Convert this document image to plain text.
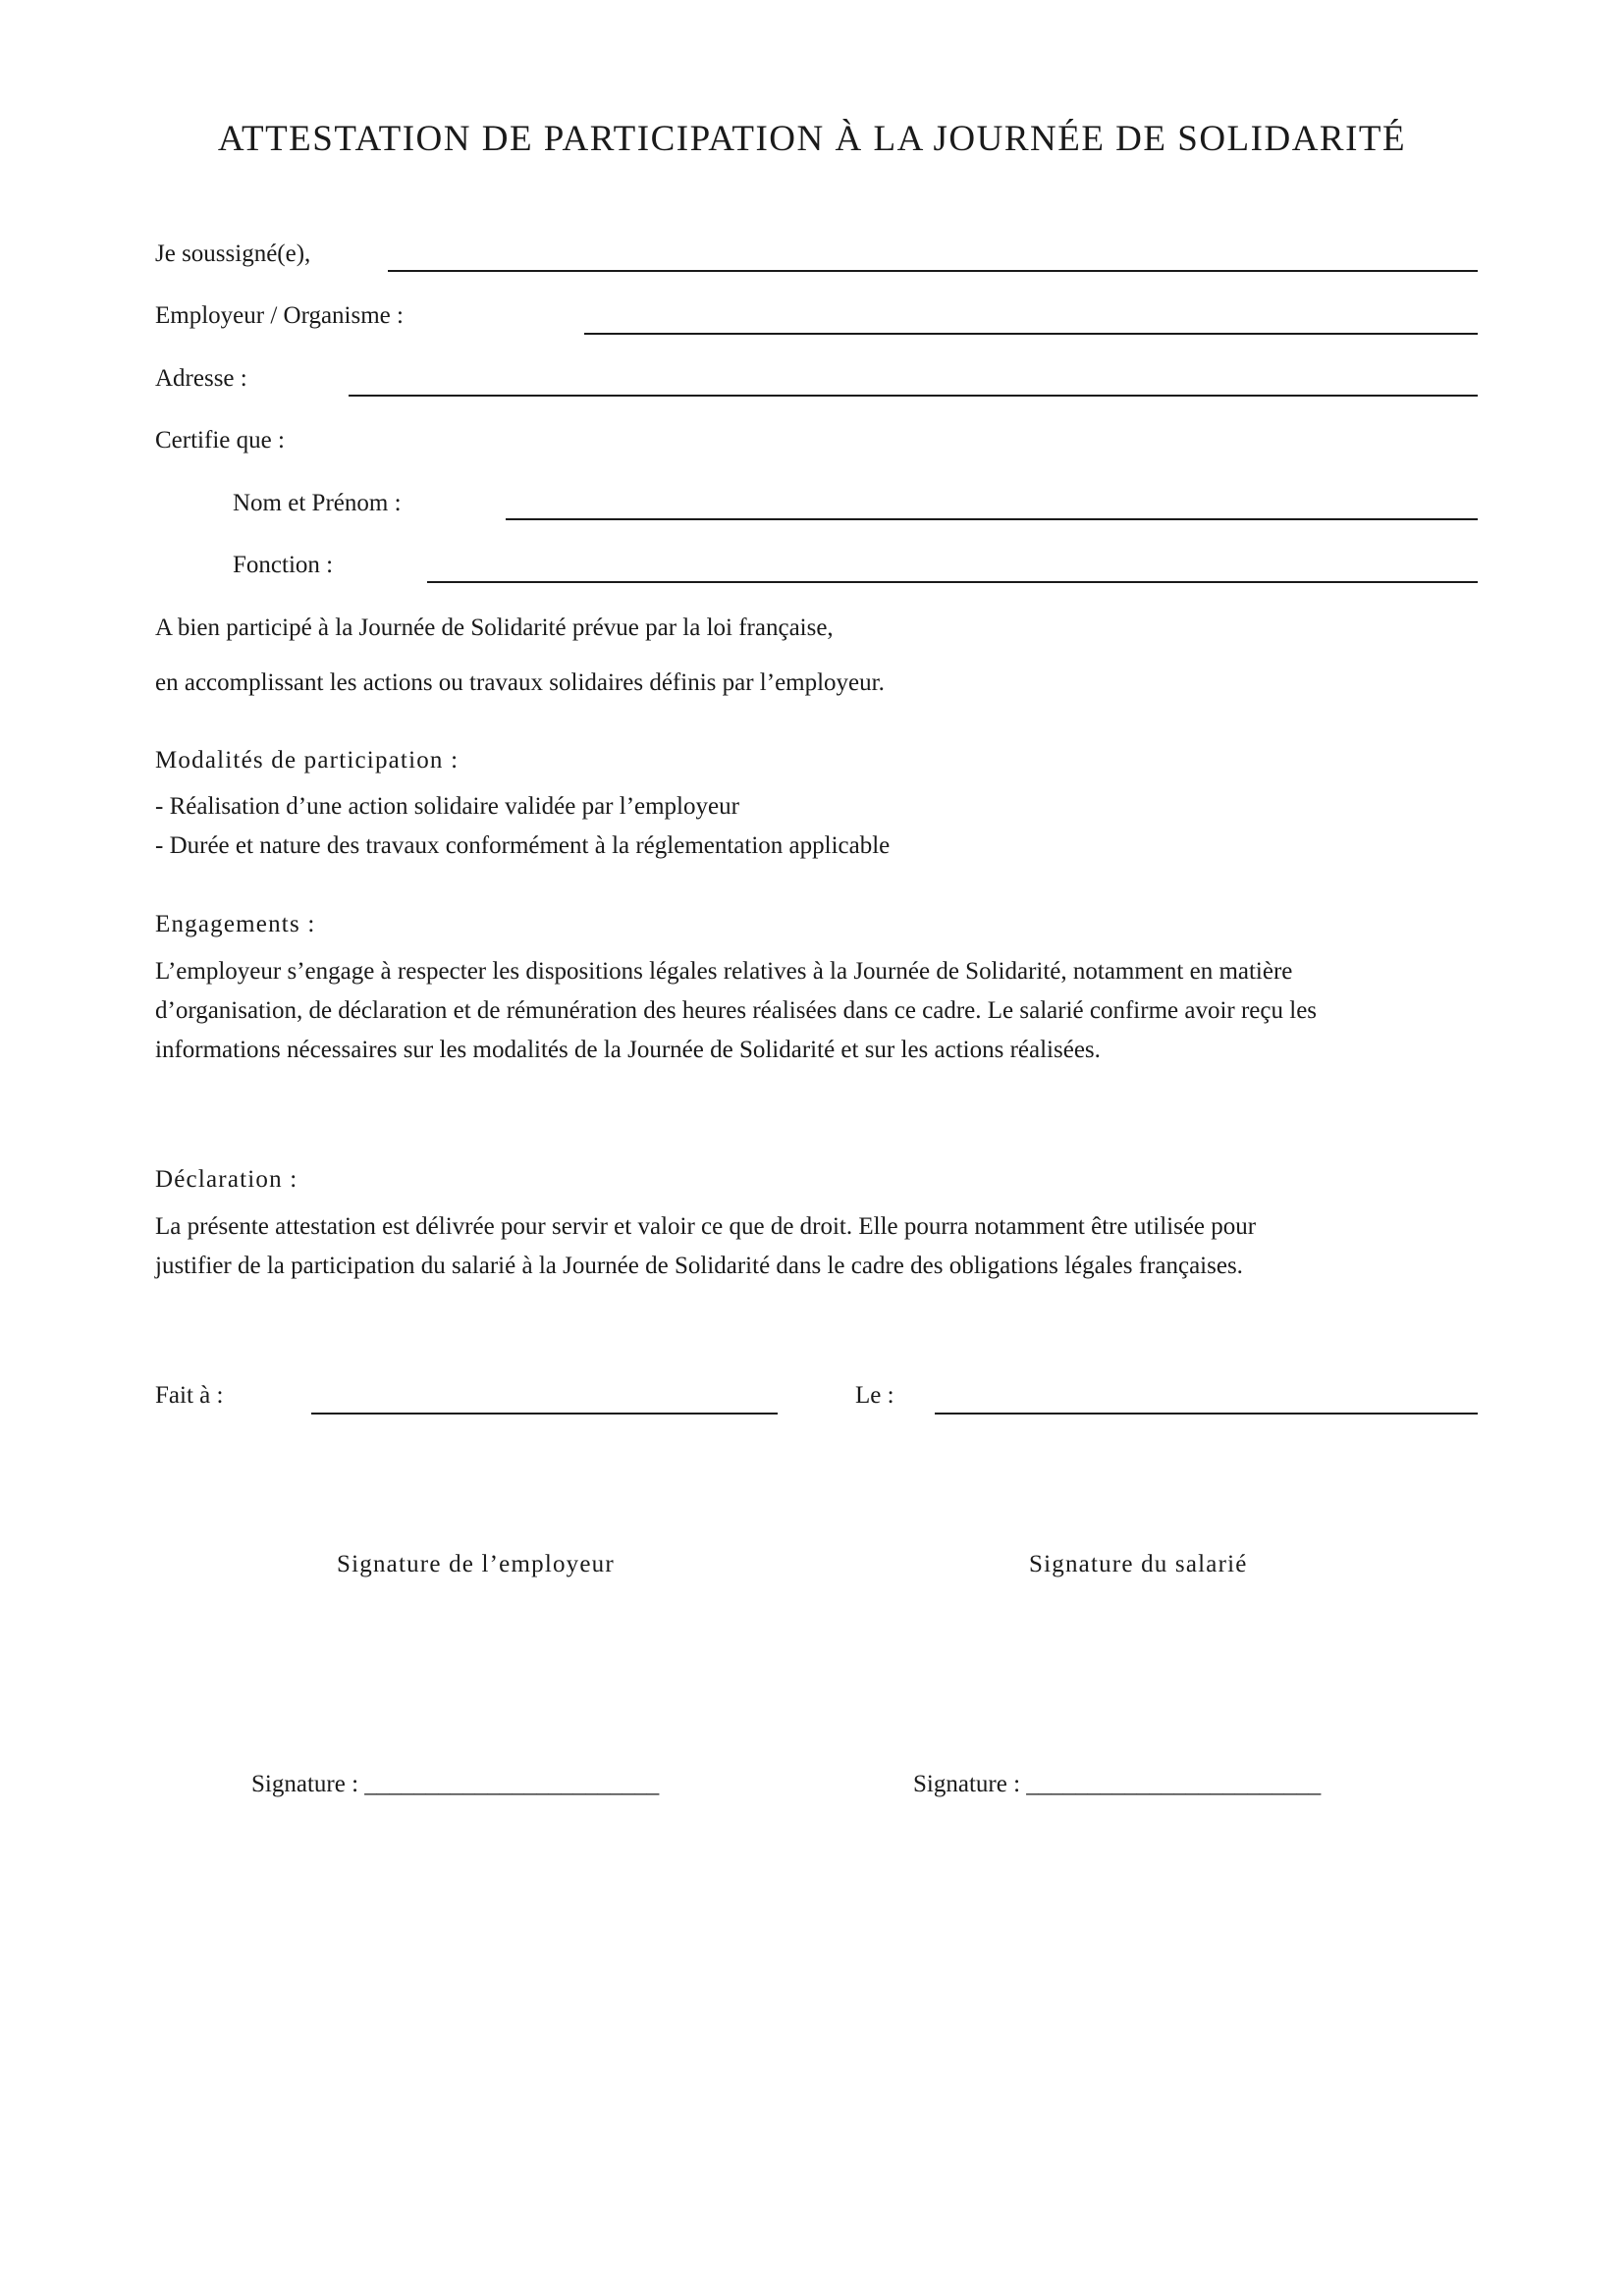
ATTESTATION DE PARTICIPATION À LA JOURNÉE DE SOLIDARITÉ
Je soussigné(e),
Employeur / Organisme :
Adresse :
Certifie que :
Nom et Prénom :
Fonction :
A bien participé à la Journée de Solidarité prévue par la loi française,
en accomplissant les actions ou travaux solidaires définis par l’employeur.
Modalités de participation :
- Réalisation d’une action solidaire validée par l’employeur
- Durée et nature des travaux conformément à la réglementation applicable
Engagements :
L’employeur s’engage à respecter les dispositions légales relatives à la Journée de Solidarité, notamment en matière
d’organisation, de déclaration et de rémunération des heures réalisées dans ce cadre. Le salarié confirme avoir reçu les
informations nécessaires sur les modalités de la Journée de Solidarité et sur les actions réalisées.
Déclaration :
La présente attestation est délivrée pour servir et valoir ce que de droit. Elle pourra notamment être utilisée pour
justifier de la participation du salarié à la Journée de Solidarité dans le cadre des obligations légales françaises.
Fait à :	Le :
Signature de l’employeur	Signature du salarié
Signature : ________________________	Signature : ________________________
